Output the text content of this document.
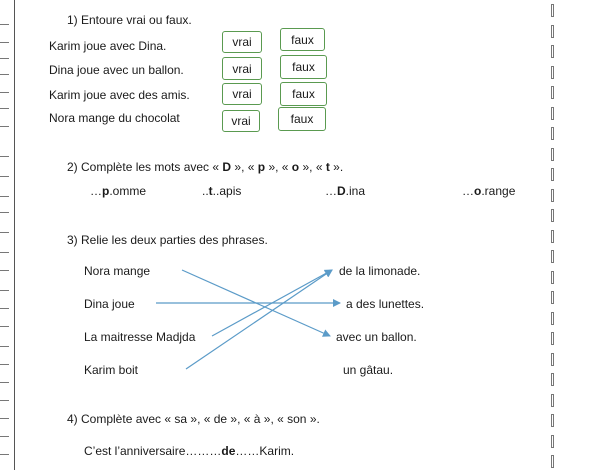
1) Entoure vrai ou faux.
Karim joue avec Dina.	vrai	faux
Dina joue avec un ballon.	vrai	faux
Karim joue avec des amis.	vrai	faux
Nora mange du chocolat	vrai	faux
2) Complète les mots avec « D », « p », « o », « t ».
…p.omme	..t..apis	…D.ina	…o.range
3) Relie les deux parties des phrases.
Nora mange
Dina joue
La maitresse Madjda
Karim boit
de la limonade.
a des lunettes.
avec un ballon.
un gâtau.
4) Complète avec « sa », « de », « à », « son ».
C’est l’anniversaire………de……Karim.
